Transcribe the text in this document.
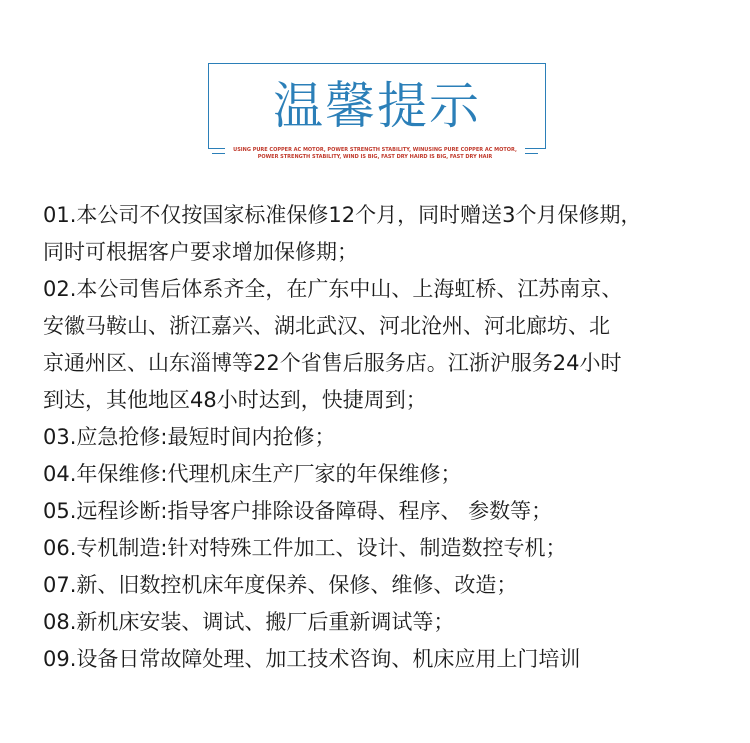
温馨提示
USING PURE COPPER AC MOTOR, POWER STRENGTH STABILITY, WINUSING PURE COPPER AC MOTOR, POWER STRENGTH STABILITY, WIND IS BIG, FAST DRY HAIRD IS BIG, FAST DRY HAIR
01.本公司不仅按国家标准保修12个月，同时赠送3个月保修期，
同时可根据客户要求增加保修期；
02.本公司售后体系齐全，在广东中山、上海虹桥、江苏南京、
安徽马鞍山、浙江嘉兴、湖北武汉、河北沧州、河北廊坊、北
京通州区、山东淄博等22个省售后服务店。江浙沪服务24小时
到达，其他地区48小时达到，快捷周到；
03.应急抢修:最短时间内抢修；
04.年保维修:代理机床生产厂家的年保维修；
05.远程诊断:指导客户排除设备障碍、程序、 参数等；
06.专机制造:针对特殊工件加工、设计、制造数控专机；
07.新、旧数控机床年度保养、保修、维修、改造；
08.新机床安装、调试、搬厂后重新调试等；
09.设备日常故障处理、加工技术咨询、机床应用上门培训
